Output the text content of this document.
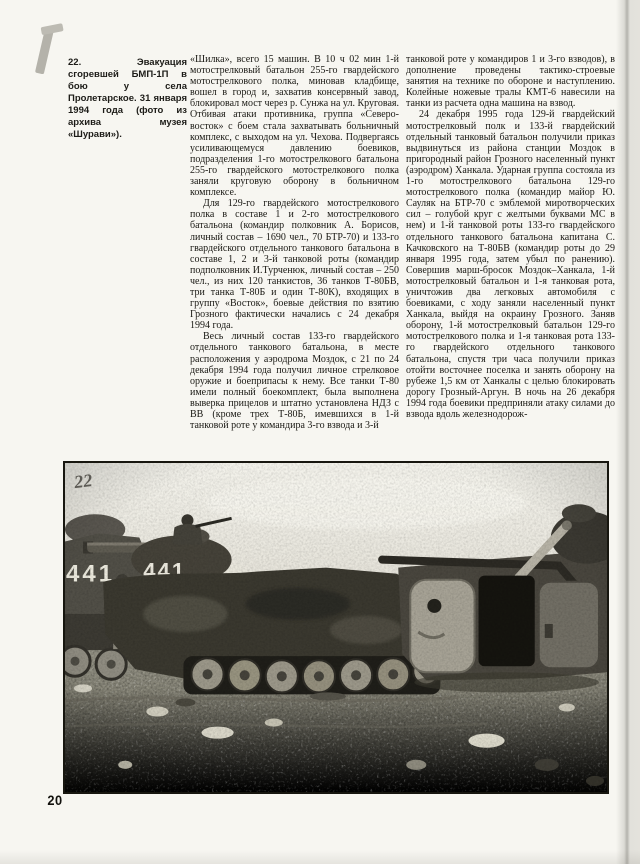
22. Эвакуация сгоревшей БМП-1П в бою у села Пролетарское. 31 января 1994 года (фото из архива музея «Шурави»).

«Шилка», всего 15 машин. В 10 ч 02 мин 1-й мотострелковый батальон 255-го гвардейского мотострелкового полка, миновав кладбище, вошел в город и, захватив консервный завод, блокировал мост через р. Сунжа на ул. Круговая. Отбивая атаки противника, группа «Северо-восток» с боем стала захватывать больничный комплекс, с выходом на ул. Чехова. Подвергаясь усиливающемуся давлению боевиков, подразделения 1-го мотострелкового батальона 255-го гвардейского мотострелкового полка заняли круговую оборону в больничном комплексе.

Для 129-го гвардейского мотострелкового полка в составе 1 и 2-го мотострелкового батальона (командир полковник А. Борисов, личный состав – 1690 чел., 70 БТР-70) и 133-го гвардейского отдельного танкового батальона в составе 1, 2 и 3-й танковой роты (командир подполковник И.Турченюк, личный состав – 250 чел., из них 120 танкистов, 36 танков Т-80БВ, три танка Т-80Б и один Т-80К), входящих в группу «Восток», боевые действия по взятию Грозного фактически начались с 24 декабря 1994 года.

Весь личный состав 133-го гвардейского отдельного танкового батальона, в месте расположения у аэродрома Моздок, с 21 по 24 декабря 1994 года получил личное стрелковое оружие и боеприпасы к нему. Все танки Т-80 имели полный боекомплект, была выполнена выверка прицелов и штатно установлена НДЗ с ВВ (кроме трех Т-80Б, имевшихся в 1-й танковой роте у командира 3-го взвода и 3-й

танковой роте у командиров 1 и 3-го взводов), в дополнение проведены тактико-строевые занятия на технике по обороне и наступлению. Колейные ножевые тралы КМТ-6 навесили на танки из расчета одна машина на взвод.

24 декабря 1995 года 129-й гвардейский мотострелковый полк и 133-й гвардейский отдельный танковый батальон получили приказ выдвинуться из района станции Моздок в пригородный район Грозного населенный пункт (аэродром) Ханкала. Ударная группа состояла из 1-го мотострелкового батальона 129-го мотострелкового полка (командир майор Ю. Сауляк на БТР-70 с эмблемой миротворческих сил – голубой круг с желтыми буквами МС в нем) и 1-й танковой роты 133-го гвардейского отдельного танкового батальона капитана С. Качковского на Т-80БВ (командир роты до 29 января 1995 года, затем убыл по ранению). Совершив марш-бросок Моздок–Ханкала, 1-й мотострелковый батальон и 1-я танковая рота, уничтожив два легковых автомобиля с боевиками, с ходу заняли населенный пункт Ханкала, выйдя на окраину Грозного. Заняв оборону, 1-й мотострелковый батальон 129-го мотострелкового полка и 1-я танковая рота 133-го гвардейского отдельного танкового батальона, спустя три часа получили приказ отойти восточнее поселка и занять оборону на рубеже 1,5 км от Ханкалы с целью блокировать дорогу Грозный-Аргун. В ночь на 26 декабря 1994 года боевики предприняли атаку силами до взвода вдоль железнодорож-

22
20
